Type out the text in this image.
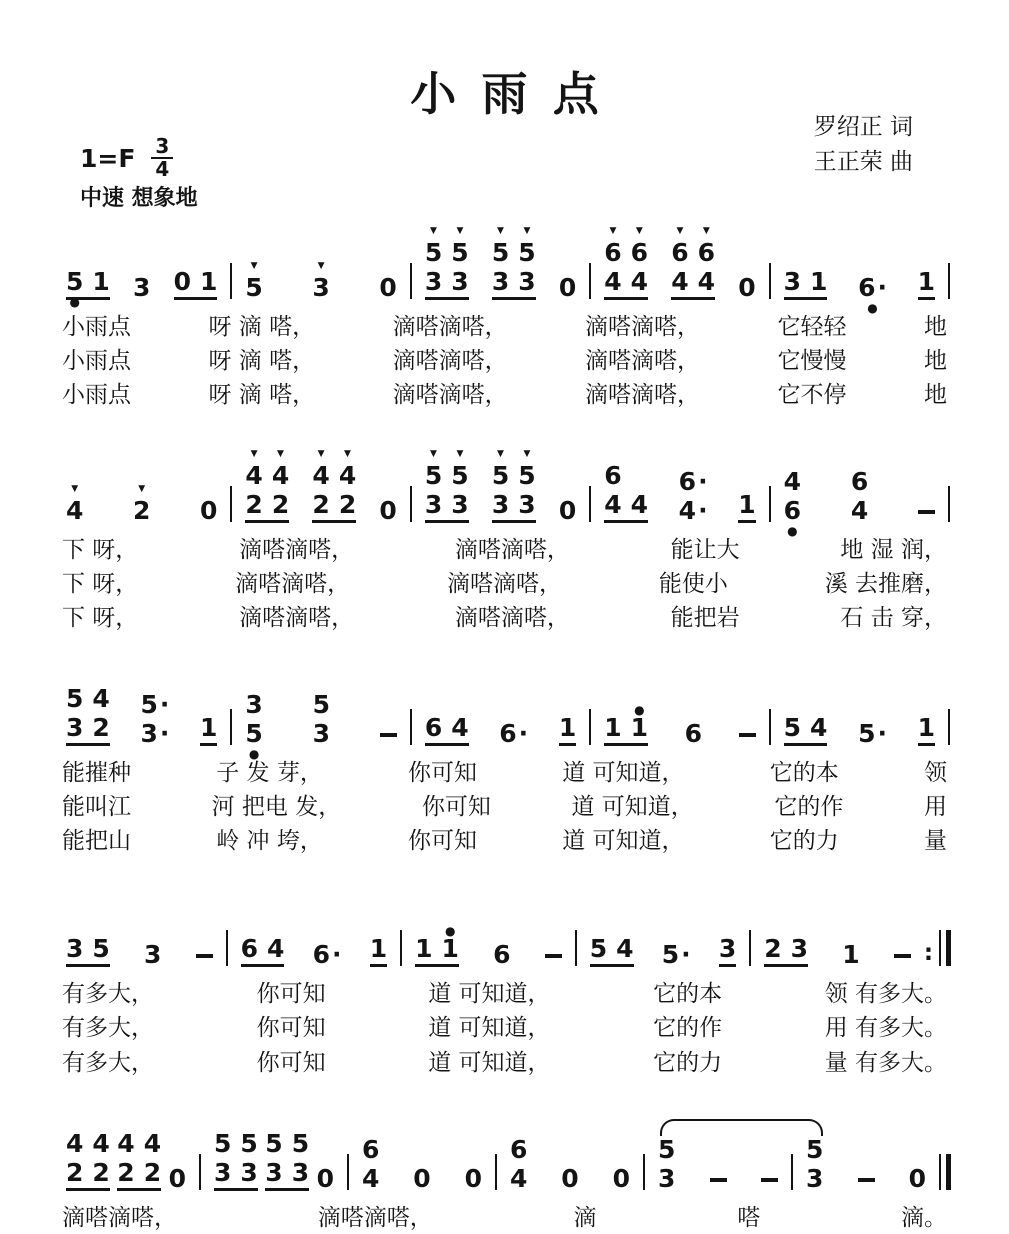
小雨点
罗绍正 词
王正荣 曲
$1=F \frac{3}{4}$
中速 想象地
5
●
1 3 0 1
▼
5
▼
3 0
▼
5
3
▼
5
3
▼
5
3
▼
5
3 0
▼
6
4
▼
6
4
▼
6
4
▼
6
4 0 3 1 6·
●
1
小雨点	呀 滴 嗒，	滴嗒滴嗒，	滴嗒滴嗒，	它轻轻	地
小雨点	呀 滴 嗒，	滴嗒滴嗒，	滴嗒滴嗒，	它慢慢	地
小雨点	呀 滴 嗒，	滴嗒滴嗒，	滴嗒滴嗒，	它不停	地
▼
4
▼
2 0
▼
4
2
▼
4
2
▼
4
2
▼
4
2 0
▼
5
3
▼
5
3
▼
5
3
▼
5
3 0
6
4 4
6·
4· 1
4
6
●
6
4
下 呀，	滴嗒滴嗒，	滴嗒滴嗒，	能让大	地 湿 润，
下 呀，	滴嗒滴嗒，	滴嗒滴嗒，	能使小	溪 去推磨，
下 呀，	滴嗒滴嗒，	滴嗒滴嗒，	能把岩	石 击 穿，
5
3
4
2
5·
3· 1
3
5
●
5
3	6 4 6· 1 1 1
●
6	5 4 5· 1
能摧种	子 发 芽，	你可知	道 可知道，	它的本	领
能叫江	河 把电 发，	你可知	道 可知道，	它的作	用
能把山	岭 冲 垮，	你可知	道 可知道，	它的力	量
3 5 3	6 4 6· 1 1 1
●
6	5 4 5· 3 2 3 1	:
有多大，	你可知	道 可知道，	它的本	领 有多大。
有多大，	你可知	道 可知道，	它的作	用 有多大。
有多大，	你可知	道 可知道，	它的力	量 有多大。
4
2
4
2
4
2
4
2 0
5
3
5
3
5
3
5
3 0
6
4 0 0
6
4 0 0
5
3
5
3	0
滴嗒滴嗒，	滴嗒滴嗒，	滴	嗒	滴。
